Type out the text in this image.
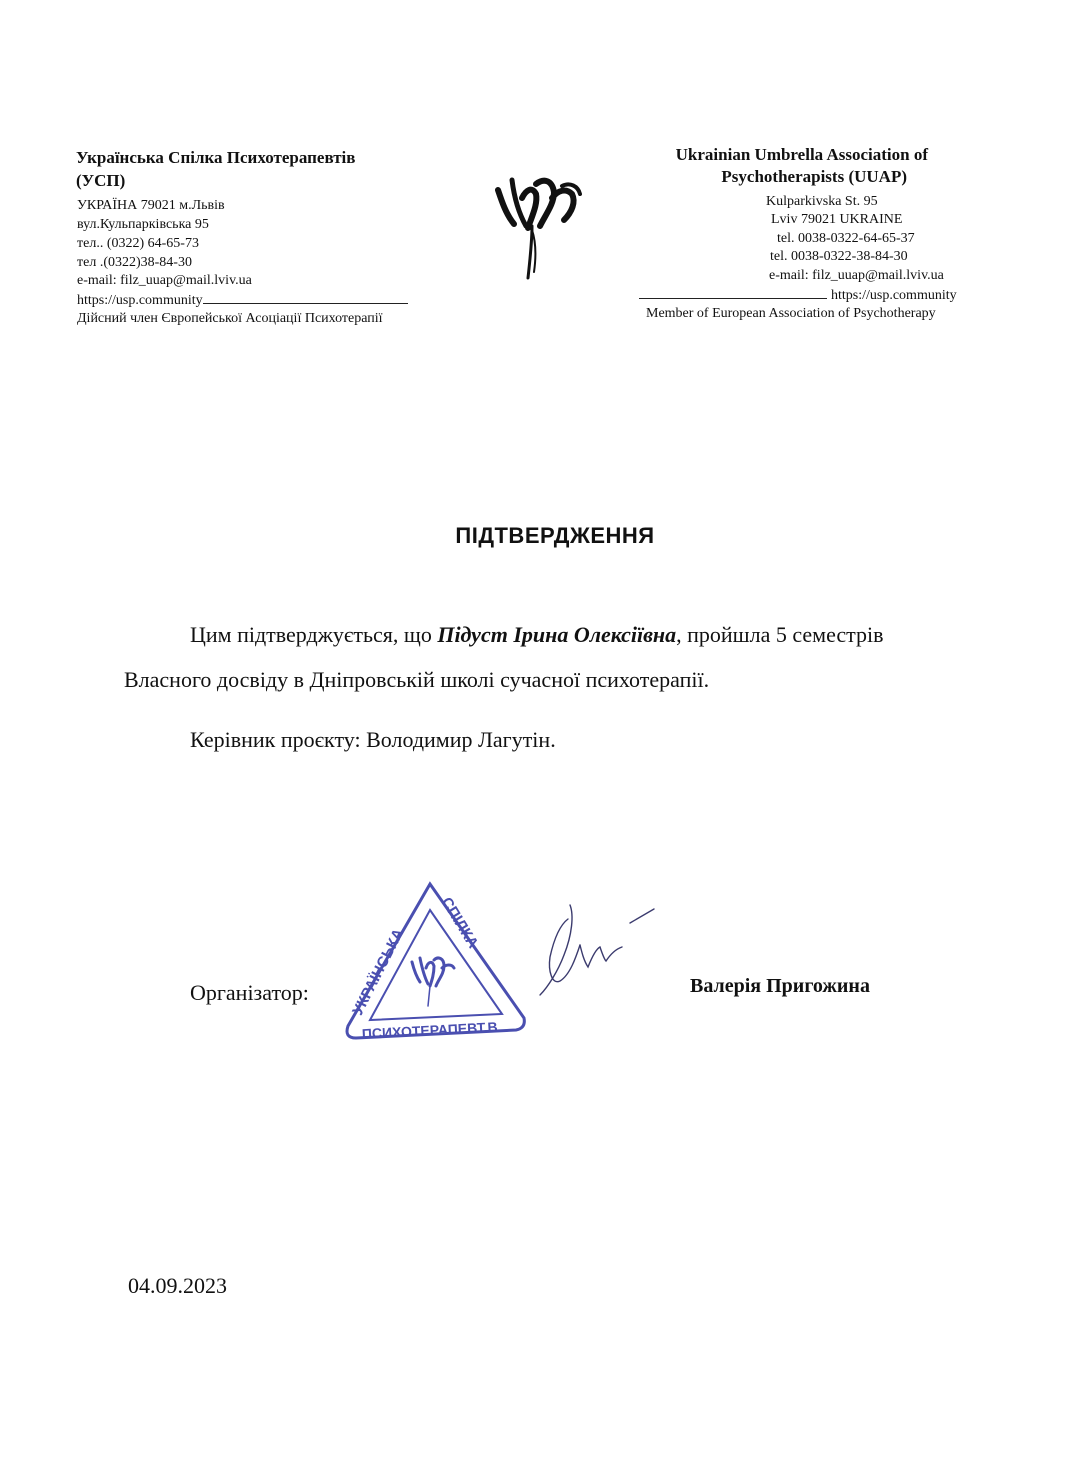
Українська Спілка Психотерапевтів
(УСП)
УКРАЇНА 79021 м.Львів
вул.Кульпарківська 95
тел.. (0322) 64-65-73
тел .(0322)38-84-30
e-mail: filz_uuap@mail.lviv.ua
https://usp.community
Дійсний член Європейської Асоціації Психотерапії
Ukrainian Umbrella Association of
Psychotherapists (UUAP)
Kulparkivska St. 95
Lviv 79021 UKRAINE
tel. 0038-0322-64-65-37
tel. 0038-0322-38-84-30
e-mail: filz_uuap@mail.lviv.ua
https://usp.community
Member of European Association of Psychotherapy
ПІДТВЕРДЖЕННЯ
Цим підтверджується, що Підуст Ірина Олексіївна, пройшла 5 семестрів
Власного досвіду в Дніпровській школі сучасної психотерапії.
Керівник проєкту: Володимир Лагутін.
Організатор:
УКРАЇНСЬКА
СПІЛКА
ПСИХОТЕРАПЕВТ.В
Валерія Пригожина
04.09.2023
